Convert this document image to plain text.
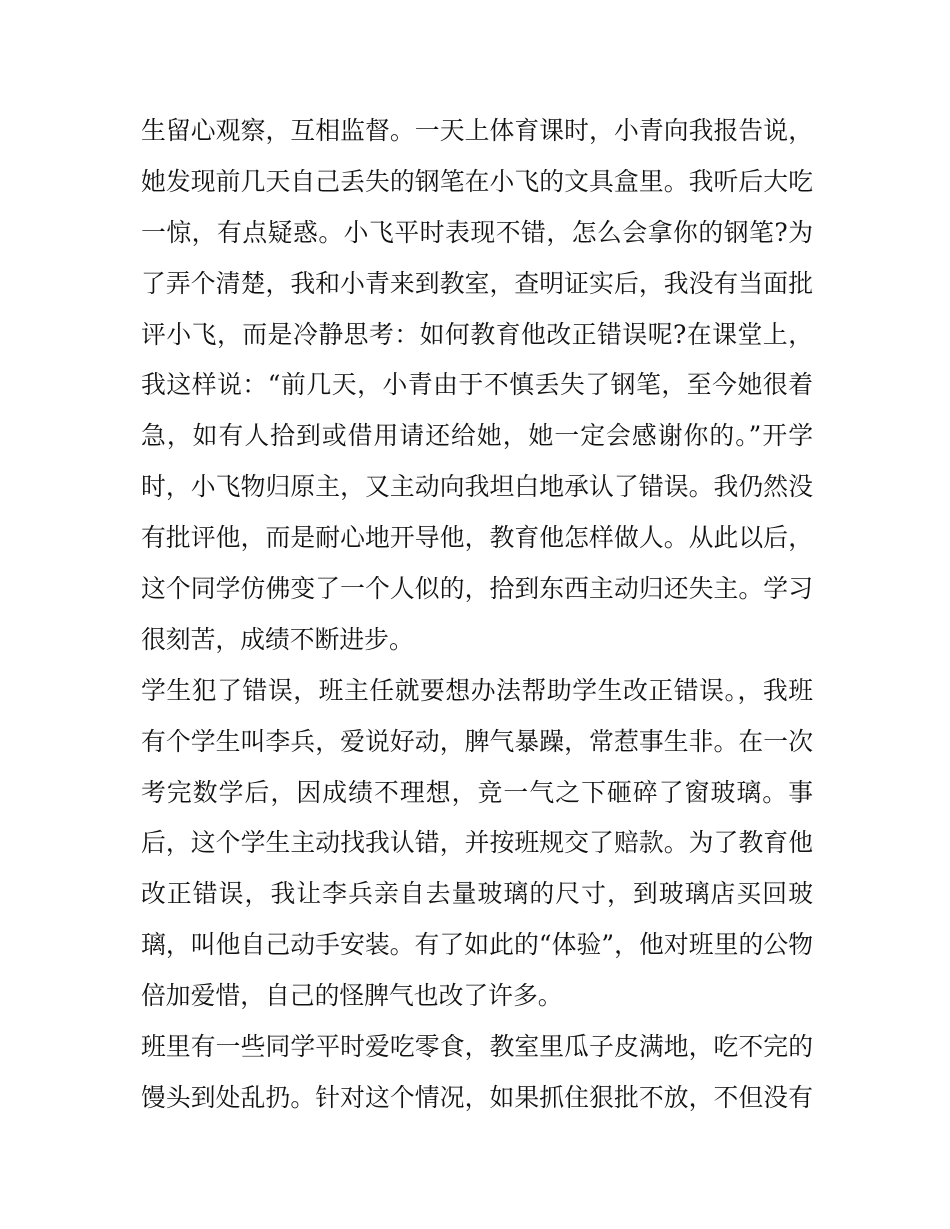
生留心观察，互相监督。一天上体育课时，小青向我报告说，
她发现前几天自己丢失的钢笔在小飞的文具盒里。我听后大吃
一惊，有点疑惑。小飞平时表现不错，怎么会拿你的钢笔?为
了弄个清楚，我和小青来到教室，查明证实后，我没有当面批
评小飞，而是冷静思考：如何教育他改正错误呢?在课堂上，
我这样说：“前几天，小青由于不慎丢失了钢笔，至今她很着
急，如有人拾到或借用请还给她，她一定会感谢你的。”开学
时，小飞物归原主，又主动向我坦白地承认了错误。我仍然没
有批评他，而是耐心地开导他，教育他怎样做人。从此以后，
这个同学仿佛变了一个人似的，拾到东西主动归还失主。学习
很刻苦，成绩不断进步。
学生犯了错误，班主任就要想办法帮助学生改正错误。，我班
有个学生叫李兵，爱说好动，脾气暴躁，常惹事生非。在一次
考完数学后，因成绩不理想，竞一气之下砸碎了窗玻璃。事
后，这个学生主动找我认错，并按班规交了赔款。为了教育他
改正错误，我让李兵亲自去量玻璃的尺寸，到玻璃店买回玻
璃，叫他自己动手安装。有了如此的“体验”，他对班里的公物
倍加爱惜，自己的怪脾气也改了许多。
班里有一些同学平时爱吃零食，教室里瓜子皮满地，吃不完的
馒头到处乱扔。针对这个情况，如果抓住狠批不放，不但没有
